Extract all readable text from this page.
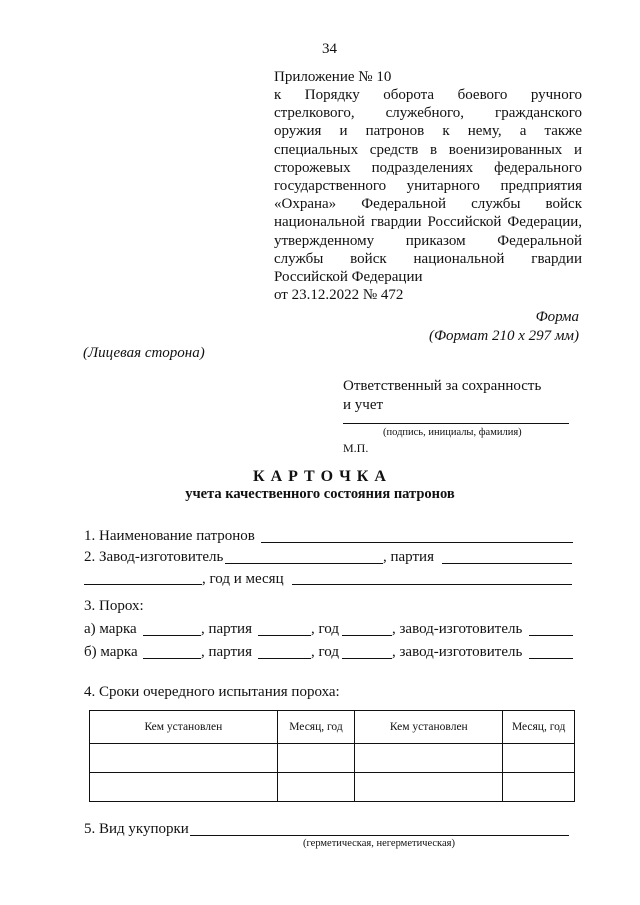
34
Приложение № 10
к Порядку оборота боевого ручного
стрелкового, служебного, гражданского
оружия и патронов к нему, а также
специальных средств в военизированных и
сторожевых подразделениях федерального
государственного унитарного предприятия
«Охрана» Федеральной службы войск
национальной гвардии Российской Федерации,
утвержденному приказом Федеральной
службы войск национальной гвардии
Российской Федерации
от 23.12.2022 № 472
Форма
(Формат 210 х 297 мм)
(Лицевая сторона)
Ответственный за сохранность
и учет
(подпись, инициалы, фамилия)
М.П.
К А Р Т О Ч К А
учета качественного состояния патронов
1. Наименование патронов
2. Завод-изготовитель	, партия
, год и месяц
3. Порох:
а) марка	, партия	, год	, завод-изготовитель
б) марка	, партия	, год	, завод-изготовитель
4. Сроки очередного испытания пороха:
Кем установлен	Месяц, год	Кем установлен	Месяц, год

5. Вид укупорки
(герметическая, негерметическая)
